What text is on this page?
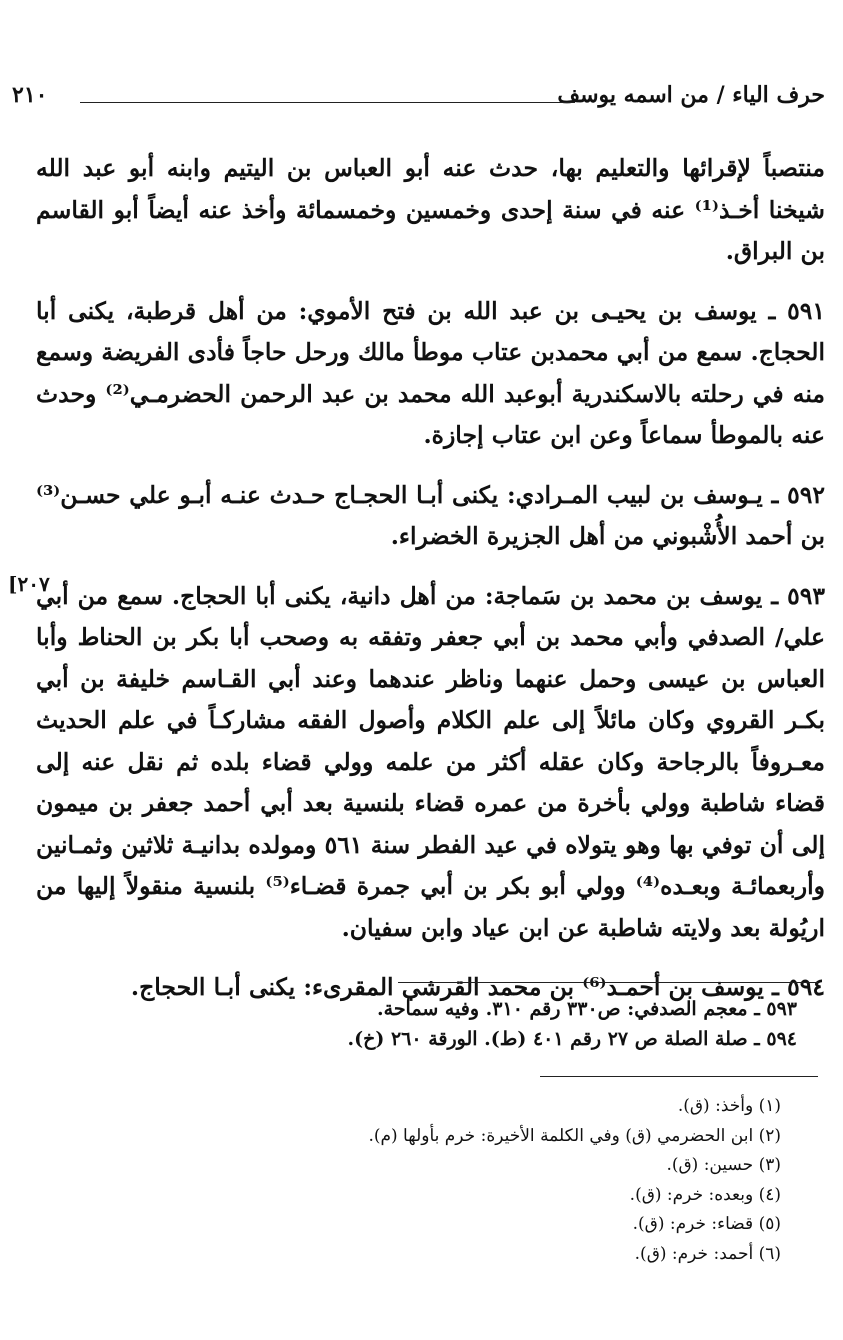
حرف الياء / من اسمه يوسف
٢١٠

منتصباً لإقرائها والتعليم بها، حدث عنه أبو العباس بن اليتيم وابنه أبو عبد الله شيخنا أخـذ⁽¹⁾ عنه في سنة إحدى وخمسين وخمسمائة وأخذ عنه أيضاً أبو القاسم بن البراق.

٥٩١ ـ يوسف بن يحيـى بن عبد الله بن فتح الأموي: من أهل قرطبة، يكنى أبا الحجاج. سمع من أبي محمدبن عتاب موطأ مالك ورحل حاجاً فأدى الفريضة وسمع منه في رحلته بالاسكندرية أبوعبد الله محمد بن عبد الرحمن الحضرمـي⁽²⁾ وحدث عنه بالموطأ سماعاً وعن ابن عتاب إجازة.

٥٩٢ ـ يـوسف بن لبيب المـرادي: يكنى أبـا الحجـاج حـدث عنـه أبـو علي حسـن⁽³⁾ بن أحمد الأُشْبوني من أهل الجزيرة الخضراء.

٥٩٣ ـ يوسف بن محمد بن سَماجة: من أهل دانية، يكنى أبا الحجاج. سمع من أبي علي/ الصدفي وأبي محمد بن أبي جعفر وتفقه به وصحب أبا بكر بن الحناط وأبا العباس بن عيسى وحمل عنهما وناظر عندهما وعند أبي القـاسم خليفة بن أبي بكـر القروي وكان مائلاً إلى علم الكلام وأصول الفقه مشاركـاً في علم الحديث معـروفاً بالرجاحة وكان عقله أكثر من علمه وولي قضاء بلده ثم نقل عنه إلى قضاء شاطبة وولي بأخرة من عمره قضاء بلنسية بعد أبي أحمد جعفر بن ميمون إلى أن توفي بها وهو يتولاه في عيد الفطر سنة ٥٦١ ومولده بدانيـة ثلاثين وثمـانين وأربعمائـة وبعـده⁽⁴⁾ وولي أبو بكر بن أبي جمرة قضـاء⁽⁵⁾ بلنسية منقولاً إليها من اريُولة بعد ولايته شاطبة عن ابن عياد وابن سفيان.

٥٩٤ ـ يوسف بن أحمـد⁽⁶⁾ بن محمد القرشي المقرىء: يكنى أبـا الحجاج.

[٢٠٧
٥٩٣ ـ معجم الصدفي: ص٣٣٠ رقم ٣١٠. وفيه سماحة.
٥٩٤ ـ صلة الصلة ص ٢٧ رقم ٤٠١ (ط). الورقة ٢٦٠ (خ).
(١) وأخذ: (ق).
(٢) ابن الحضرمي (ق) وفي الكلمة الأخيرة: خرم بأولها (م).
(٣) حسين: (ق).
(٤) وبعده: خرم: (ق).
(٥) قضاء: خرم: (ق).
(٦) أحمد: خرم: (ق).
